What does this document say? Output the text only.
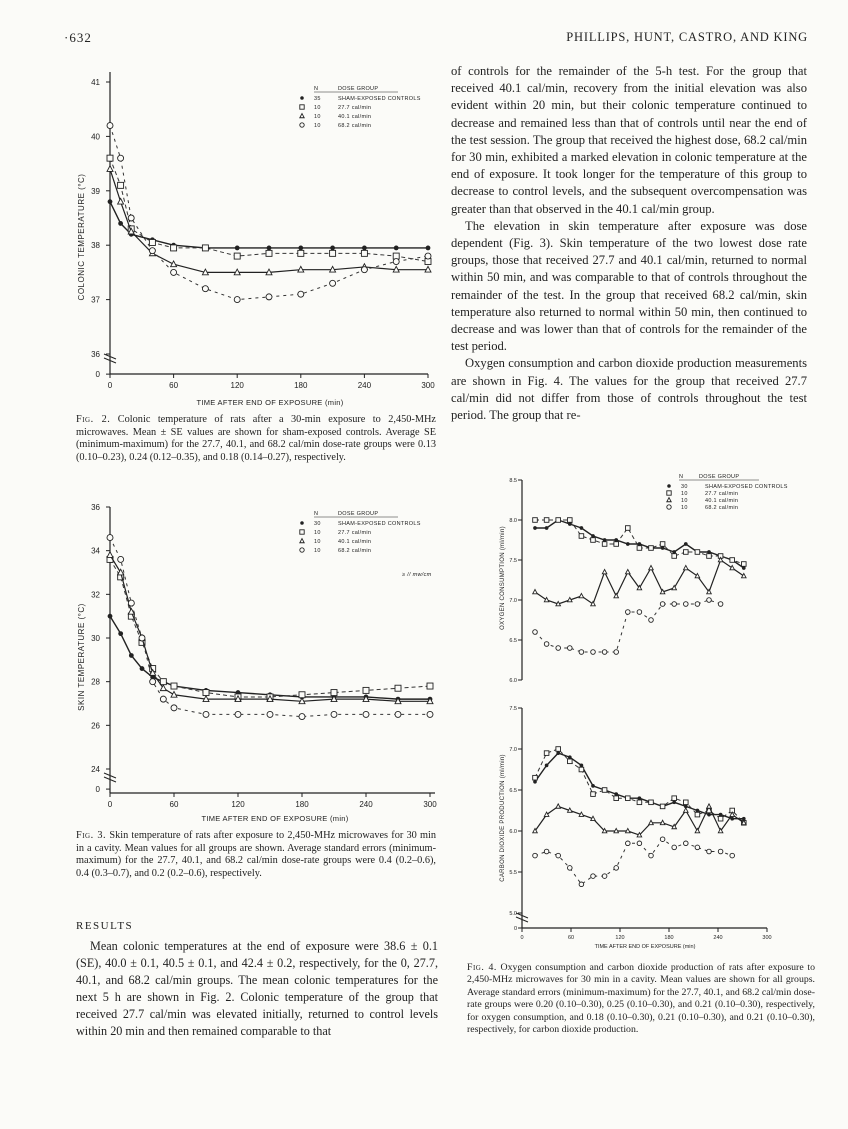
·632	PHILLIPS, HUNT, CASTRO, AND KING
41
40
39
38
37
36
0
0	60	120	180	240	300
COLONIC TEMPERATURE (°C)
TIME AFTER END OF EXPOSURE (min)
N	DOSE GROUP
35	SHAM-EXPOSED CONTROLS
10	27.7 cal/min
10	40.1 cal/min
10	68.2 cal/min
Fig. 2. Colonic temperature of rats after a 30-min exposure to 2,450-MHz microwaves. Mean ± SE values are shown for sham-exposed controls. Average SE (minimum-maximum) for the 27.7, 40.1, and 68.2 cal/min dose-rate groups were 0.13 (0.10–0.23), 0.24 (0.12–0.35), and 0.18 (0.14–0.27), respectively.
36
34
32
30
28
26
24
0
0	60	120	180	240	300
SKIN TEMPERATURE (°C)
TIME AFTER END OF EXPOSURE (min)
N	DOSE GROUP
30	SHAM-EXPOSED CONTROLS
10	27.7 cal/min
10	40.1 cal/min
10	68.2 cal/min
≥ // mw/cm
Fig. 3. Skin temperature of rats after exposure to 2,450-MHz microwaves for 30 min in a cavity. Mean values for all groups are shown. Average standard errors (minimum-maximum) for the 27.7, 40.1, and 68.2 cal/min dose-rate groups were 0.4 (0.2–0.6), 0.4 (0.3–0.7), and 0.2 (0.2–0.6), respectively.
RESULTS

Mean colonic temperatures at the end of exposure were 38.6 ± 0.1 (SE), 40.0 ± 0.1, 40.5 ± 0.1, and 42.4 ± 0.2, respectively, for the 0, 27.7, 40.1, and 68.2 cal/min groups. The mean colonic temperatures for the next 5 h are shown in Fig. 2. Colonic temperature of the group that received 27.7 cal/min was elevated initially, returned to control levels within 20 min and then remained comparable to that

of controls for the remainder of the 5-h test. For the group that received 40.1 cal/min, recovery from the initial elevation was also evident within 20 min, but their colonic temperature continued to decrease and remained less than that of controls until near the end of the test session. The group that received the highest dose, 68.2 cal/min for 30 min, exhibited a marked elevation in colonic temperature at the end of exposure. It took longer for the temperature of this group to decrease to control levels, and the subsequent overcompensation was greater than that observed in the 40.1 cal/min group.

The elevation in skin temperature after exposure was dose dependent (Fig. 3). Skin temperature of the two lowest dose rate groups, those that received 27.7 and 40.1 cal/min, returned to normal within 50 min, and was comparable to that of controls throughout the remainder of the test. In the group that received 68.2 cal/min, skin temperature also returned to normal within 50 min, then continued to decrease and was lower than that of controls for the remainder of the test period.

Oxygen consumption and carbon dioxide production measurements are shown in Fig. 4. The values for the group that received 27.7 cal/min did not differ from those of controls throughout the test period. The group that re-

8.5
8.0
7.5
7.0
6.5
6.0
7.5
7.0
6.5
6.0
5.5
5.0
0
0	60	120	180	240	300
OXYGEN CONSUMPTION (ml/min)
CARBON DIOXIDE PRODUCTION (ml/min)
TIME AFTER END OF EXPOSURE (min)
N	DOSE GROUP
30	SHAM-EXPOSED CONTROLS
10	27.7 cal/min
10	40.1 cal/min
10	68.2 cal/min
Fig. 4. Oxygen consumption and carbon dioxide production of rats after exposure to 2,450-MHz microwaves for 30 min in a cavity. Mean values are shown for all groups. Average standard errors (minimum-maximum) for the 27.7, 40.1, and 68.2 cal/min dose-rate groups were 0.20 (0.10–0.30), 0.25 (0.10–0.30), and 0.21 (0.10–0.30), respectively, for oxygen consumption, and 0.18 (0.10–0.30), 0.21 (0.10–0.30), and 0.21 (0.10–0.30), respectively, for carbon dioxide production.
